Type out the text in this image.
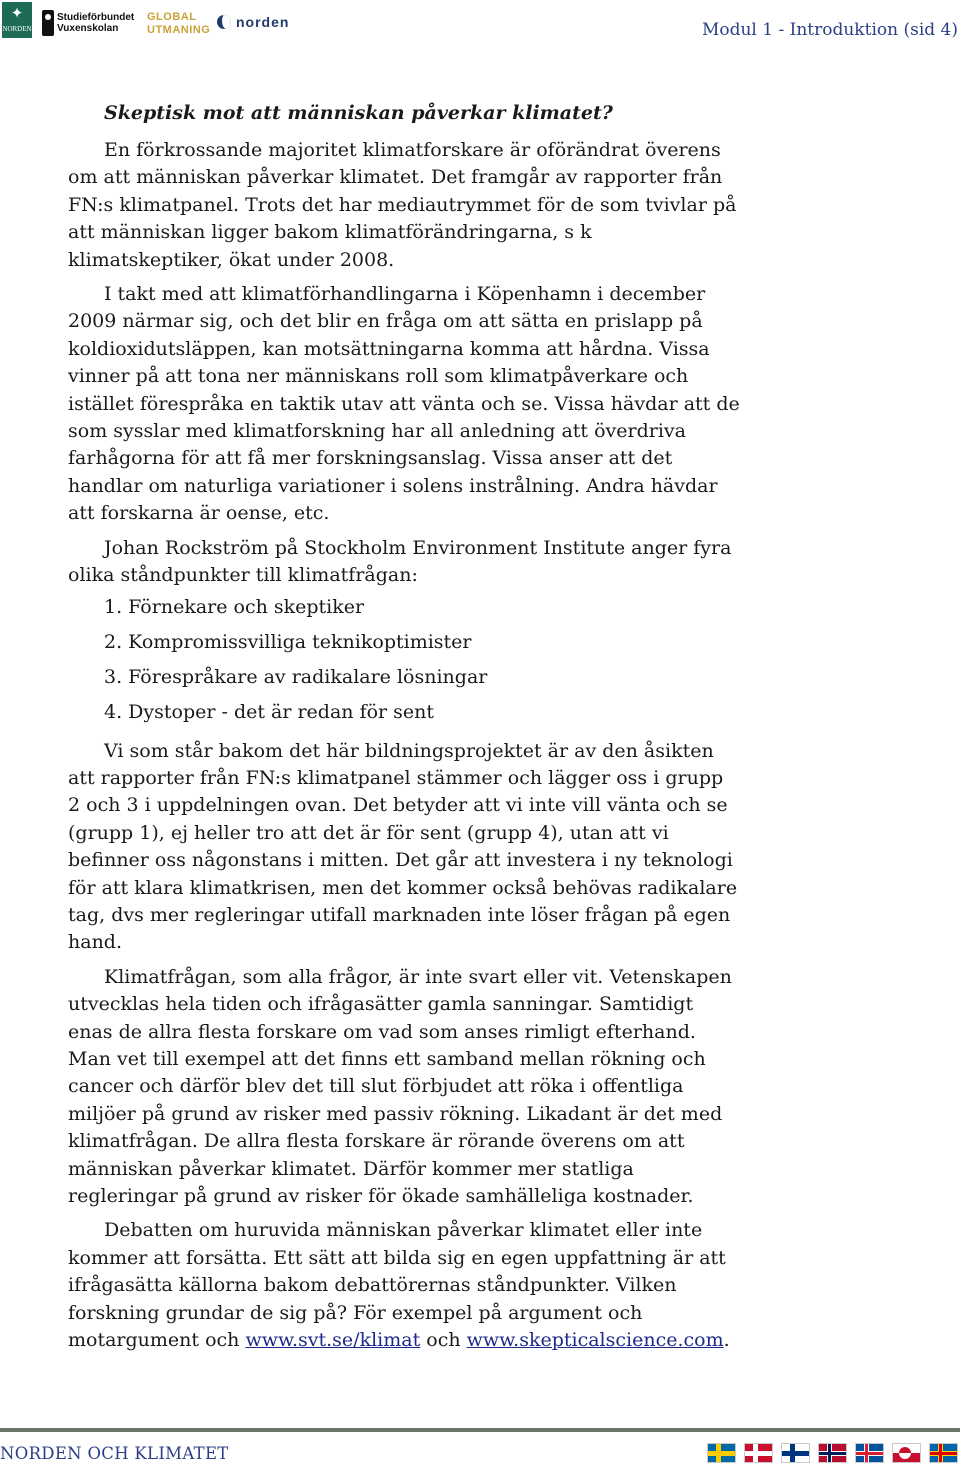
✦
NORDEN
Studieförbundet
Vuxenskolan
GLOBAL
UTMANING norden	Modul 1 - Introduktion (sid 4)

Skeptisk mot att människan påverkar klimatet?

En förkrossande majoritet klimatforskare är oförändrat överens om att människan påverkar klimatet. Det framgår av rapporter från FN:s klimatpanel. Trots det har mediautrymmet för de som tvivlar på att människan ligger bakom klimatförändringarna, s k klimatskeptiker, ökat under 2008.

I takt med att klimatförhandlingarna i Köpenhamn i december 2009 närmar sig, och det blir en fråga om att sätta en prislapp på koldioxidutsläppen, kan motsättningarna komma att hårdna. Vissa vinner på att tona ner människans roll som klimatpåverkare och istället förespråka en taktik utav att vänta och se. Vissa hävdar att de som sysslar med klimatforskning har all anledning att överdriva farhågorna för att få mer forskningsanslag. Vissa anser att det handlar om naturliga variationer i solens instrålning. Andra hävdar att forskarna är oense, etc.

Johan Rockström på Stockholm Environment Institute anger fyra olika ståndpunkter till klimatfrågan:

1. Förnekare och skeptiker
2. Kompromissvilliga teknikoptimister
3. Förespråkare av radikalare lösningar
4. Dystoper - det är redan för sent

Vi som står bakom det här bildningsprojektet är av den åsikten att rapporter från FN:s klimatpanel stämmer och lägger oss i grupp 2 och 3 i uppdelningen ovan. Det betyder att vi inte vill vänta och se (grupp 1), ej heller tro att det är för sent (grupp 4), utan att vi befinner oss någonstans i mitten. Det går att investera i ny teknologi för att klara klimatkrisen, men det kommer också behövas radikalare tag, dvs mer regleringar utifall marknaden inte löser frågan på egen hand.

Klimatfrågan, som alla frågor, är inte svart eller vit. Vetenskapen utvecklas hela tiden och ifrågasätter gamla sanningar. Samtidigt enas de allra flesta forskare om vad som anses rimligt efterhand. Man vet till exempel att det finns ett samband mellan rökning och cancer och därför blev det till slut förbjudet att röka i offentliga miljöer på grund av risker med passiv rökning. Likadant är det med klimatfrågan. De allra flesta forskare är rörande överens om att människan påverkar klimatet. Därför kommer mer statliga regleringar på grund av risker för ökade samhälleliga kostnader.

Debatten om huruvida människan påverkar klimatet eller inte kommer att forsätta. Ett sätt att bilda sig en egen uppfattning är att ifrågasätta källorna bakom debattörernas ståndpunkter. Vilken forskning grundar de sig på? För exempel på argument och motargument och www.svt.se/klimat och www.skepticalscience.com.

NORDEN OCH KLIMATET
